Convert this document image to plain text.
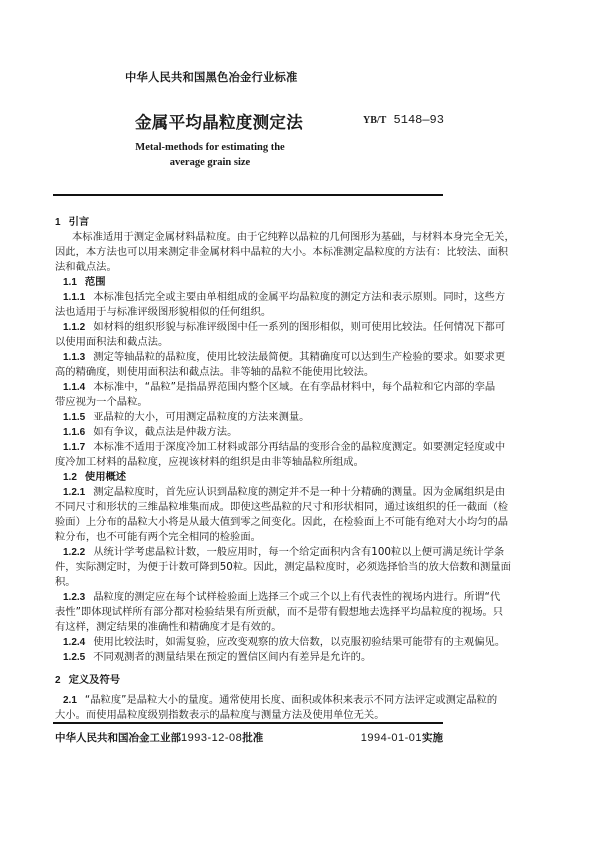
中华人民共和国黑色冶金行业标准
金属平均晶粒度测定法	YB/T 5148—93
Metal-methods for estimating the
average grain size
1 引言
本标准适用于测定金属材料晶粒度。由于它纯粹以晶粒的几何图形为基础，与材料本身完全无关，
因此，本方法也可以用来测定非金属材料中晶粒的大小。本标准测定晶粒度的方法有：比较法、面积
法和截点法。
1.1 范围
1.1.1 本标准包括完全或主要由单相组成的金属平均晶粒度的测定方法和表示原则。同时，这些方
法也适用于与标准评级图形貌相似的任何组织。
1.1.2 如材料的组织形貌与标准评级图中任一系列的图形相似，则可使用比较法。任何情况下都可
以使用面积法和截点法。
1.1.3 测定等轴晶粒的晶粒度，使用比较法最简便。其精确度可以达到生产检验的要求。如要求更
高的精确度，则使用面积法和截点法。非等轴的晶粒不能使用比较法。
1.1.4 本标准中，“晶粒”是指晶界范围内整个区域。在有孪晶材料中，每个晶粒和它内部的孪晶
带应视为一个晶粒。
1.1.5 亚晶粒的大小，可用测定晶粒度的方法来测量。
1.1.6 如有争议，截点法是仲裁方法。
1.1.7 本标准不适用于深度冷加工材料或部分再结晶的变形合金的晶粒度测定。如要测定轻度或中
度冷加工材料的晶粒度，应视该材料的组织是由非等轴晶粒所组成。
1.2 使用概述
1.2.1 测定晶粒度时，首先应认识到晶粒度的测定并不是一种十分精确的测量。因为金属组织是由
不同尺寸和形状的三维晶粒堆集而成。即使这些晶粒的尺寸和形状相同，通过该组织的任一截面（检
验面）上分布的晶粒大小将是从最大值到零之间变化。因此，在检验面上不可能有绝对大小均匀的晶
粒分布，也不可能有两个完全相同的检验面。
1.2.2 从统计学考虑晶粒计数，一般应用时，每一个给定面积内含有100粒以上便可满足统计学条
件，实际测定时，为便于计数可降到50粒。因此，测定晶粒度时，必须选择恰当的放大倍数和测量面
积。
1.2.3 晶粒度的测定应在每个试样检验面上选择三个或三个以上有代表性的视场内进行。所谓“代
表性”即体现试样所有部分都对检验结果有所贡献，而不是带有假想地去选择平均晶粒度的视场。只
有这样，测定结果的准确性和精确度才是有效的。
1.2.4 使用比较法时，如需复验，应改变观察的放大倍数，以克服初验结果可能带有的主观偏见。
1.2.5 不同观测者的测量结果在预定的置信区间内有差异是允许的。
2 定义及符号
2.1 “晶粒度”是晶粒大小的量度。通常使用长度、面积或体积来表示不同方法评定或测定晶粒的
大小。而使用晶粒度级别指数表示的晶粒度与测量方法及使用单位无关。
中华人民共和国冶金工业部1993-12-08批准	1994-01-01实施
